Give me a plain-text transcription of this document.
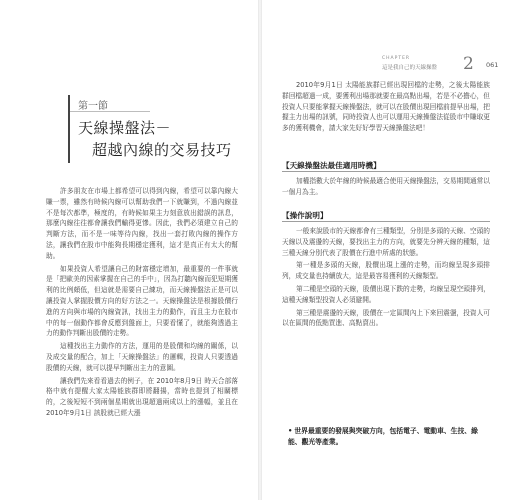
第一節
天線操盤法－
超越內線的交易技巧

許多朋友在市場上都希望可以得到內線，希望可以靠內線大賺一票，雖然有時候內線可以幫助我們一下就賺到，不過內線並不是每次都準，極度的，有時候如果主力刻意放出錯誤的訊息，那麼內線往往都會讓我們輸得更慘。因此，我們必須建立自己的判斷方法，而不是一味等待內線，找出一套打敗內線的操作方法，讓我們在股市中能夠長期穩定獲利，這才是真正有太大的幫助。

如果投資人希望讓自己的財富穩定增加，最重要的一件事就是「把歐美的因素掌握在自己的手中」，因為打聽內線而犯短期獲利的比例頗低，但這就是需要自己練功，而天線操盤法正是可以讓投資人掌握股價方向的好方法之一。天線操盤法是根據股價行進的方向與市場的內線資訊，找出主力的動作，而且主力在股市中的每一個動作都會反應到盤面上，只要看懂了，就能夠透過主力的動作判斷出股價的走勢。

這種找出主力動作的方法，運用的是股價和均線的關係，以及成交量的配合，加上「天線操盤法」的邏輯，投資人只要透過股價的天線，就可以提早判斷出主力的意圖。

讓我們先來看看過去的例子，在 2010年8月9日 時天合部落格中就有提醒大家太陽能族群即將翻揚，當時也提到了相關標的，之後短短不到兩個星期就出現超過兩成以上的漲幅，並且在 2010年9月1日 該股就已經大漲

CHAPTER
這是我自己的天線操盤 2 061

2010年9月1日 太陽能族群已經出現回檔的走勢，之後太陽能族群回檔超過一成，要獲利出場那就要在最高點出場，若是不必擔心，但投資人只要能掌握天線操盤法，就可以在股價出現回檔前提早出場，把握主力出場的訊號，同時投資人也可以運用天線操盤法從股市中賺取更多的獲利機會，請大家先好好學習天線操盤法吧！

【天線操盤法最佳適用時機】

加權指數大於年線的時候最適合使用天線操盤法，交易期間通常以一個月為主。

【操作說明】

一般來說股市的天線都會有三種類型，分別是多頭的天線、空頭的天線以及震盪的天線，要找出主力的方向，就要先分辨天線的種類，這三種天線分別代表了股價在行進中所處的狀態。

第一種是多頭的天線，股價出現上漲的走勢，而均線呈現多頭排列，成交量也持續放大，這是最容易獲利的天線類型。

第二種是空頭的天線，股價出現下跌的走勢，均線呈現空頭排列，這種天線類型投資人必須避開。

第三種是震盪的天線，股價在一定區間內上下來回震盪，投資人可以在區間的低點買進、高點賣出。

• 世界最重要的發展與突破方向，包括電子、電動車、生技、綠能、觀光等產業。
